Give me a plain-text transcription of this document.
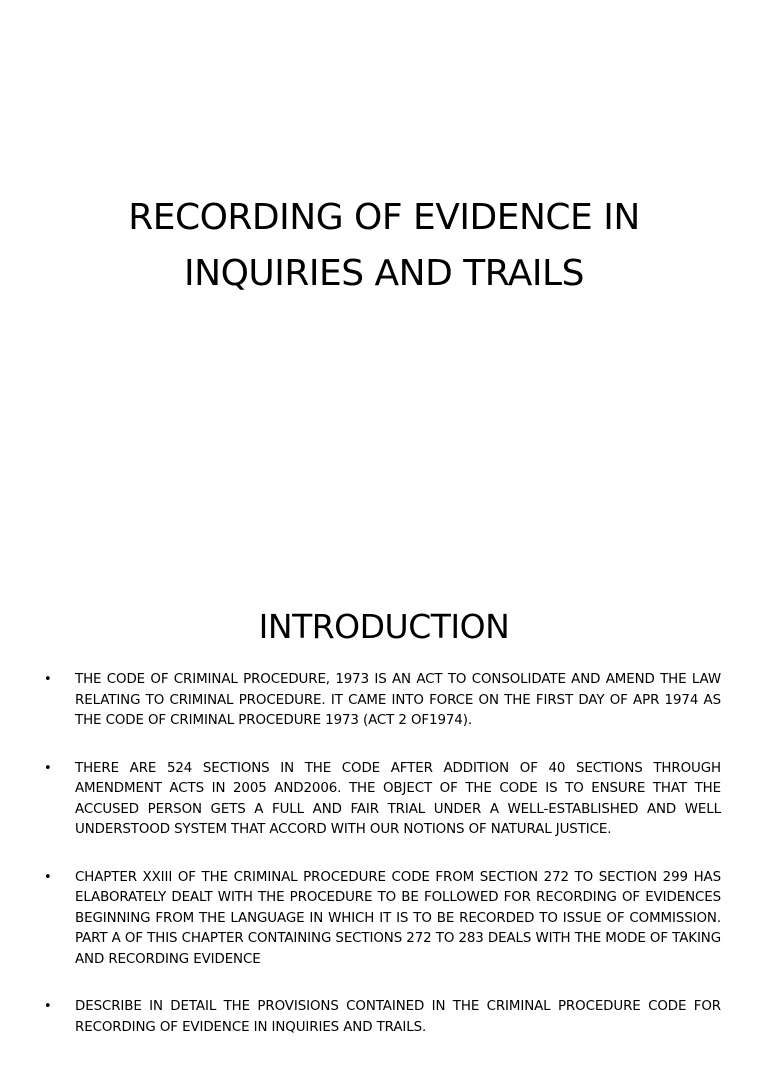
RECORDING OF EVIDENCE IN
INQUIRIES AND TRAILS
INTRODUCTION
• THE CODE OF CRIMINAL PROCEDURE, 1973 IS AN ACT TO CONSOLIDATE AND AMEND THE LAW RELATING TO CRIMINAL PROCEDURE. IT CAME INTO FORCE ON THE FIRST DAY OF APR 1974 AS THE CODE OF CRIMINAL PROCEDURE 1973 (ACT 2 OF1974).
• THERE ARE 524 SECTIONS IN THE CODE AFTER ADDITION OF 40 SECTIONS THROUGH AMENDMENT ACTS IN 2005 AND2006. THE OBJECT OF THE CODE IS TO ENSURE THAT THE ACCUSED PERSON GETS A FULL AND FAIR TRIAL UNDER A WELL-ESTABLISHED AND WELL UNDERSTOOD SYSTEM THAT ACCORD WITH OUR NOTIONS OF NATURAL JUSTICE.
• CHAPTER XXIII OF THE CRIMINAL PROCEDURE CODE FROM SECTION 272 TO SECTION 299 HAS ELABORATELY DEALT WITH THE PROCEDURE TO BE FOLLOWED FOR RECORDING OF EVIDENCES BEGINNING FROM THE LANGUAGE IN WHICH IT IS TO BE RECORDED TO ISSUE OF COMMISSION. PART A OF THIS CHAPTER CONTAINING SECTIONS 272 TO 283 DEALS WITH THE MODE OF TAKING AND RECORDING EVIDENCE
• DESCRIBE IN DETAIL THE PROVISIONS CONTAINED IN THE CRIMINAL PROCEDURE CODE FOR RECORDING OF EVIDENCE IN INQUIRIES AND TRAILS.
